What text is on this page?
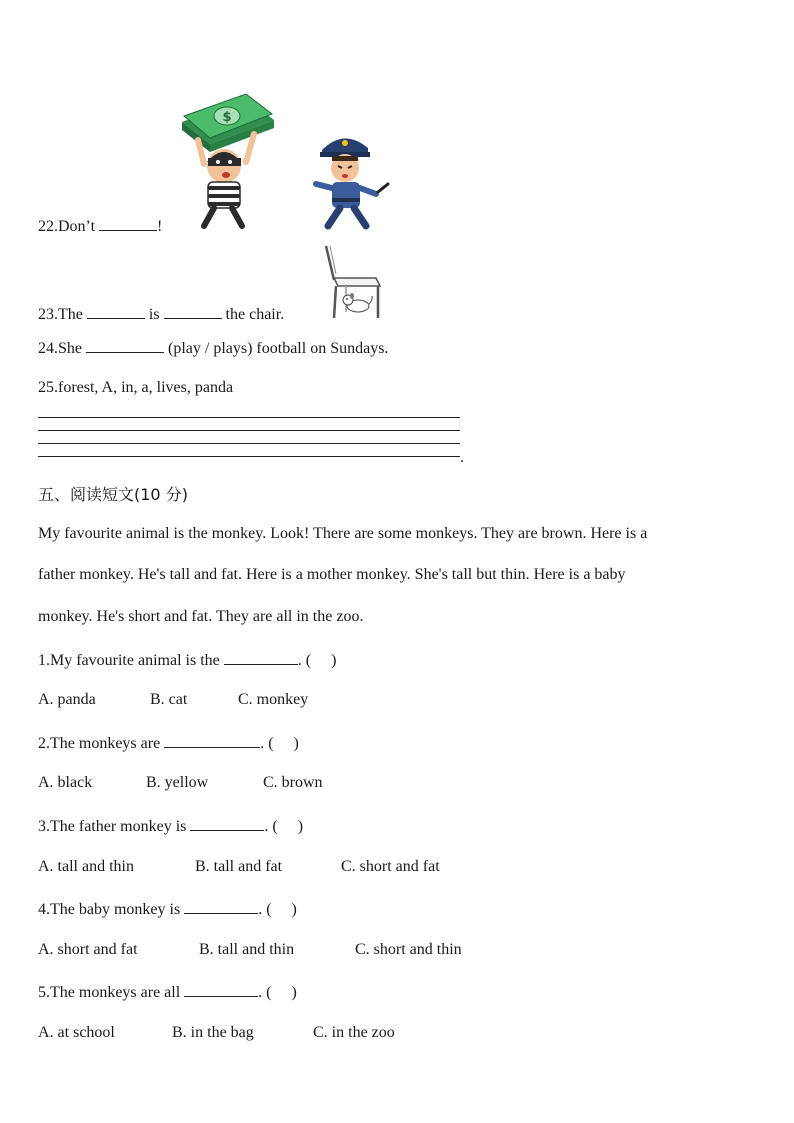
$
22.Don’t	!
23.The	is	the chair.
24.She	(play / plays) football on Sundays.
25.forest, A, in, a, lives, panda
.
五、阅读短文(10 分)
My favourite animal is the monkey. Look! There are some monkeys. They are brown. Here is a
father monkey. He's tall and fat. Here is a mother monkey. She's tall but thin. Here is a baby
monkey. He's short and fat. They are all in the zoo.
1.My favourite animal is the	. ( )
A. panda	B. cat	C. monkey
2.The monkeys are	. ( )
A. black	B. yellow	C. brown
3.The father monkey is	. ( )
A. tall and thin	B. tall and fat	C. short and fat
4.The baby monkey is	. ( )
A. short and fat	B. tall and thin	C. short and thin
5.The monkeys are all	. ( )
A. at school	B. in the bag	C. in the zoo
